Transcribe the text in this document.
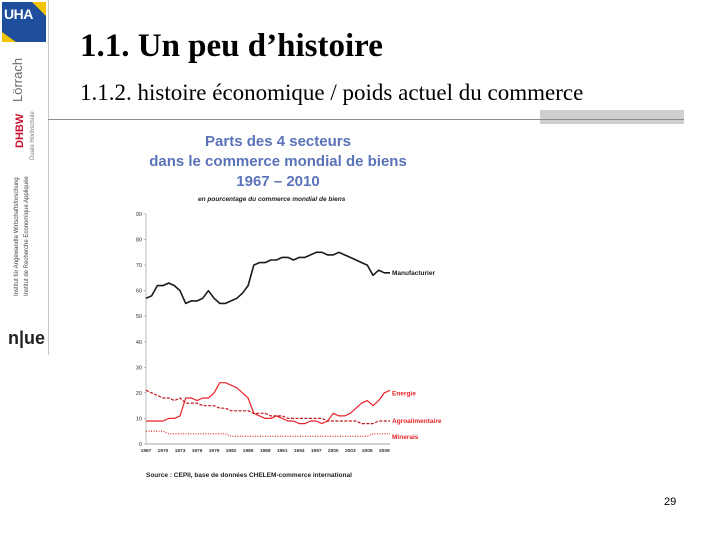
UHA
Lörrach
DHBW Duale Hochschule
Institut für Angewandte Wirtschaftsforschung Institut de Recherche Economique Appliquée
n|ue
1.1. Un peu d’histoire
1.1.2. histoire économique / poids actuel du commerce
Parts des 4 secteurs
dans le commerce mondial de biens
1967 – 2010
en pourcentage du commerce mondial de biens
Source : CEPII, base de données CHELEM-commerce international
0
10
20
30
40
50
60
70
80
90
1967 1970 1973 1976 1979 1982 1985 1988 1991 1994 1997 2000 2003 2006 2009
Manufacturier
Energie
Agroalimentaire
Minerais
29
